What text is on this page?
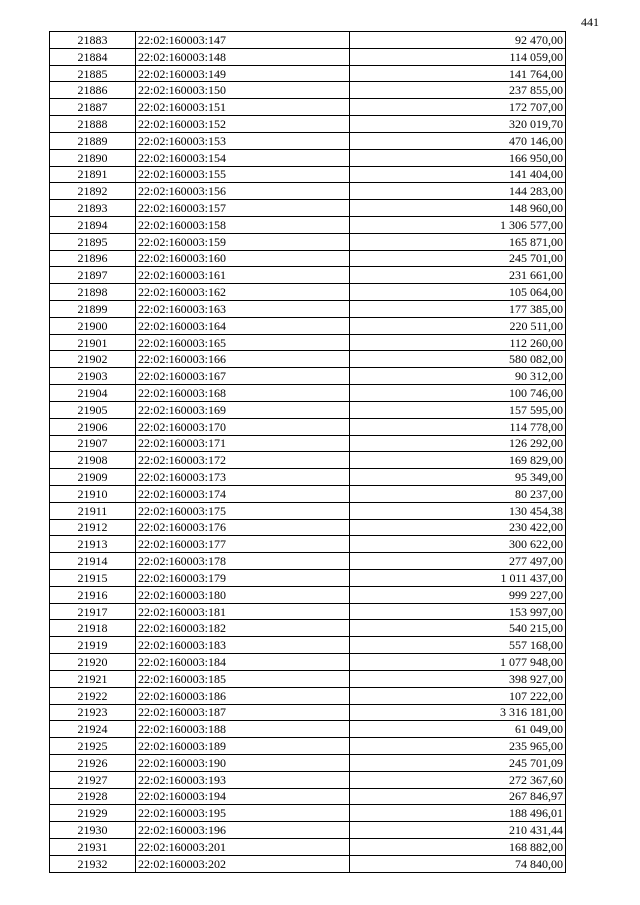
441
21883	22:02:160003:147	92 470,00
21884	22:02:160003:148	114 059,00
21885	22:02:160003:149	141 764,00
21886	22:02:160003:150	237 855,00
21887	22:02:160003:151	172 707,00
21888	22:02:160003:152	320 019,70
21889	22:02:160003:153	470 146,00
21890	22:02:160003:154	166 950,00
21891	22:02:160003:155	141 404,00
21892	22:02:160003:156	144 283,00
21893	22:02:160003:157	148 960,00
21894	22:02:160003:158	1 306 577,00
21895	22:02:160003:159	165 871,00
21896	22:02:160003:160	245 701,00
21897	22:02:160003:161	231 661,00
21898	22:02:160003:162	105 064,00
21899	22:02:160003:163	177 385,00
21900	22:02:160003:164	220 511,00
21901	22:02:160003:165	112 260,00
21902	22:02:160003:166	580 082,00
21903	22:02:160003:167	90 312,00
21904	22:02:160003:168	100 746,00
21905	22:02:160003:169	157 595,00
21906	22:02:160003:170	114 778,00
21907	22:02:160003:171	126 292,00
21908	22:02:160003:172	169 829,00
21909	22:02:160003:173	95 349,00
21910	22:02:160003:174	80 237,00
21911	22:02:160003:175	130 454,38
21912	22:02:160003:176	230 422,00
21913	22:02:160003:177	300 622,00
21914	22:02:160003:178	277 497,00
21915	22:02:160003:179	1 011 437,00
21916	22:02:160003:180	999 227,00
21917	22:02:160003:181	153 997,00
21918	22:02:160003:182	540 215,00
21919	22:02:160003:183	557 168,00
21920	22:02:160003:184	1 077 948,00
21921	22:02:160003:185	398 927,00
21922	22:02:160003:186	107 222,00
21923	22:02:160003:187	3 316 181,00
21924	22:02:160003:188	61 049,00
21925	22:02:160003:189	235 965,00
21926	22:02:160003:190	245 701,09
21927	22:02:160003:193	272 367,60
21928	22:02:160003:194	267 846,97
21929	22:02:160003:195	188 496,01
21930	22:02:160003:196	210 431,44
21931	22:02:160003:201	168 882,00
21932	22:02:160003:202	74 840,00
